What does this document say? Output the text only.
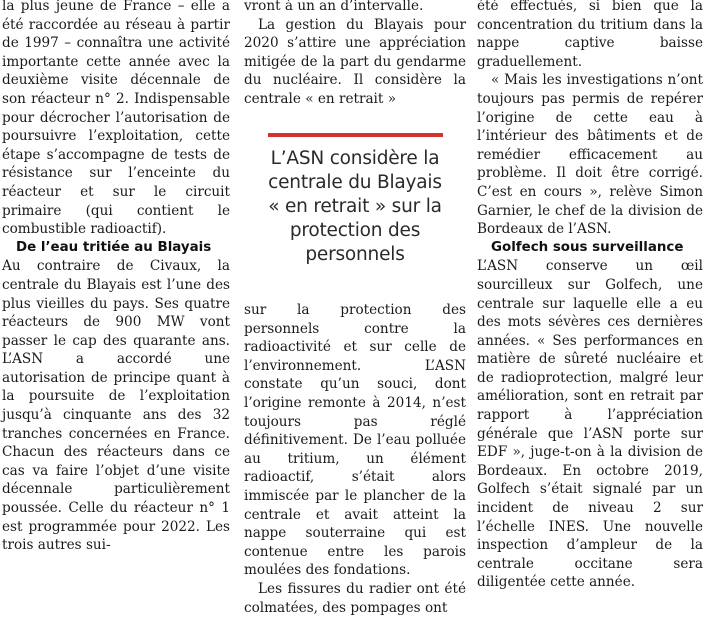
la plus jeune de France – elle a été raccordée au réseau à partir de 1997 – connaîtra une activité importante cette année avec la deuxième visite décennale de son réacteur n° 2. Indispensable pour décrocher l’autorisation de poursuivre l’exploitation, cette étape s’accompagne de tests de résistance sur l’enceinte du réacteur et sur le circuit primaire (qui contient le combustible radioactif).

De l’eau tritiée au Blayais

Au contraire de Civaux, la centrale du Blayais est l’une des plus vieilles du pays. Ses quatre réacteurs de 900 MW vont passer le cap des quarante ans. L’ASN a accordé une autorisation de principe quant à la poursuite de l’exploitation jusqu’à cinquante ans des 32 tranches concernées en France. Chacun des réacteurs dans ce cas va faire l’objet d’une visite décennale particulièrement poussée. Celle du réacteur n° 1 est programmée pour 2022. Les trois autres sui-

vront à un an d’intervalle.

La gestion du Blayais pour 2020 s’attire une appréciation mitigée de la part du gendarme du nucléaire. Il considère la centrale « en retrait »

sur la protection des personnels contre la radioactivité et sur celle de l’environnement. L’ASN constate qu’un souci, dont l’origine remonte à 2014, n’est toujours pas réglé définitivement. De l’eau polluée au tritium, un élément radioactif, s’était alors immiscée par le plancher de la centrale et avait atteint la nappe souterraine qui est contenue entre les parois moulées des fondations.

Les fissures du radier ont été colmatées, des pompages ont

L’ASN considère la centrale du Blayais « en retrait » sur la protection des personnels

été effectués, si bien que la concentration du tritium dans la nappe captive baisse graduellement.

« Mais les investigations n’ont toujours pas permis de repérer l’origine de cette eau à l’intérieur des bâtiments et de remédier efficacement au problème. Il doit être corrigé. C’est en cours », relève Simon Garnier, le chef de la division de Bordeaux de l’ASN.

Golfech sous surveillance

L’ASN conserve un œil sourcilleux sur Golfech, une centrale sur laquelle elle a eu des mots sévères ces dernières années. « Ses performances en matière de sûreté nucléaire et de radioprotection, malgré leur amélioration, sont en retrait par rapport à l’appréciation générale que l’ASN porte sur EDF », juge-t-on à la division de Bordeaux. En octobre 2019, Golfech s’était signalé par un incident de niveau 2 sur l’échelle INES. Une nouvelle inspection d’ampleur de la centrale occitane sera diligentée cette année.
